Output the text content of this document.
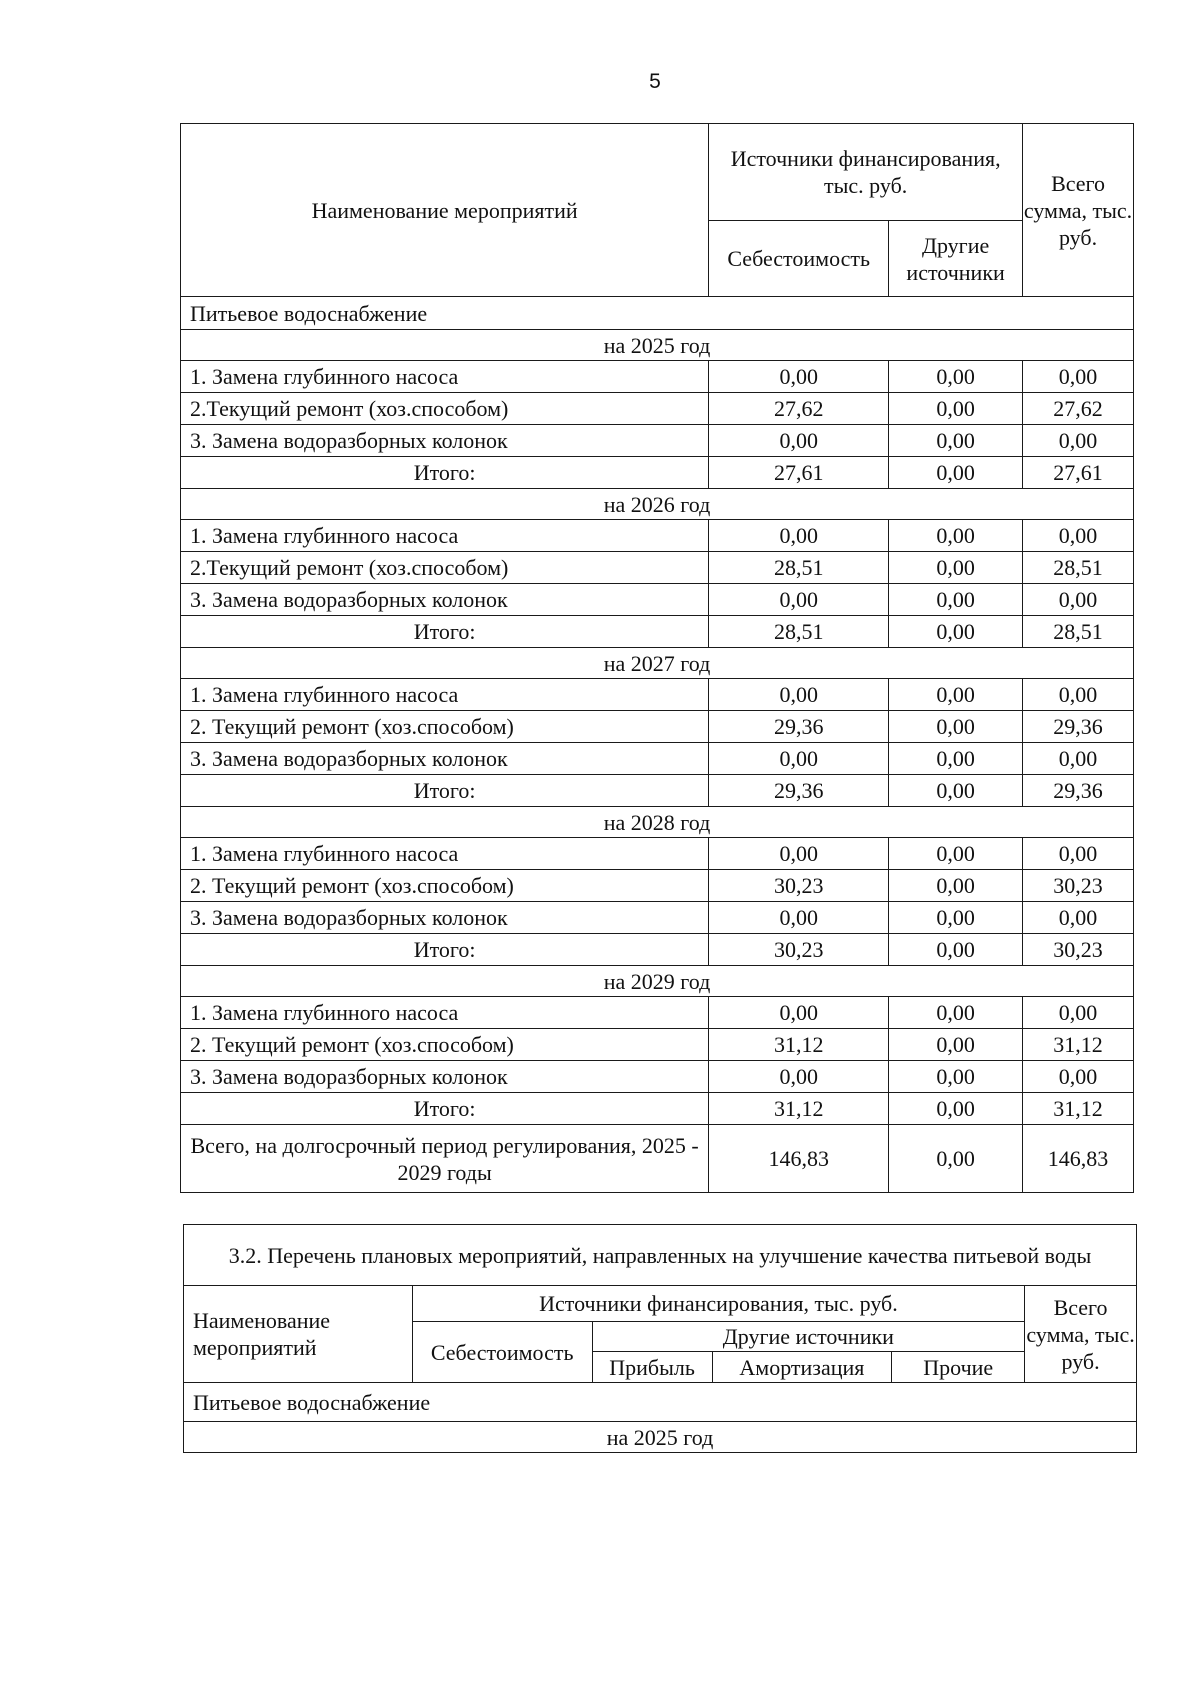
5
Наименование мероприятий	Источники финансирования, тыс. руб.		Всего сумма, тыс. руб.
	Себестоимость	Другие источники	
Питьевое водоснабжение			
на 2025 год			
1. Замена глубинного насоса	0,00	0,00	0,00
2.Текущий ремонт (хоз.способом)	27,62	0,00	27,62
3. Замена водоразборных колонок	0,00	0,00	0,00
Итого:	27,61	0,00	27,61
на 2026 год			
1. Замена глубинного насоса	0,00	0,00	0,00
2.Текущий ремонт (хоз.способом)	28,51	0,00	28,51
3. Замена водоразборных колонок	0,00	0,00	0,00
Итого:	28,51	0,00	28,51
на 2027 год			
1. Замена глубинного насоса	0,00	0,00	0,00
2. Текущий ремонт (хоз.способом)	29,36	0,00	29,36
3. Замена водоразборных колонок	0,00	0,00	0,00
Итого:	29,36	0,00	29,36
на 2028 год			
1. Замена глубинного насоса	0,00	0,00	0,00
2. Текущий ремонт (хоз.способом)	30,23	0,00	30,23
3. Замена водоразборных колонок	0,00	0,00	0,00
Итого:	30,23	0,00	30,23
на 2029 год			
1. Замена глубинного насоса	0,00	0,00	0,00
2. Текущий ремонт (хоз.способом)	31,12	0,00	31,12
3. Замена водоразборных колонок	0,00	0,00	0,00
Итого:	31,12	0,00	31,12
Всего, на долгосрочный период регулирования, 2025 - 2029 годы	146,83	0,00	146,83
3.2. Перечень плановых мероприятий, направленных на улучшение качества питьевой воды					
Наименование мероприятий	Источники финансирования, тыс. руб.				Всего сумма, тыс. руб.
	Себестоимость	Другие источники			
		Прибыль	Амортизация	Прочие	
Питьевое водоснабжение					
на 2025 год					
